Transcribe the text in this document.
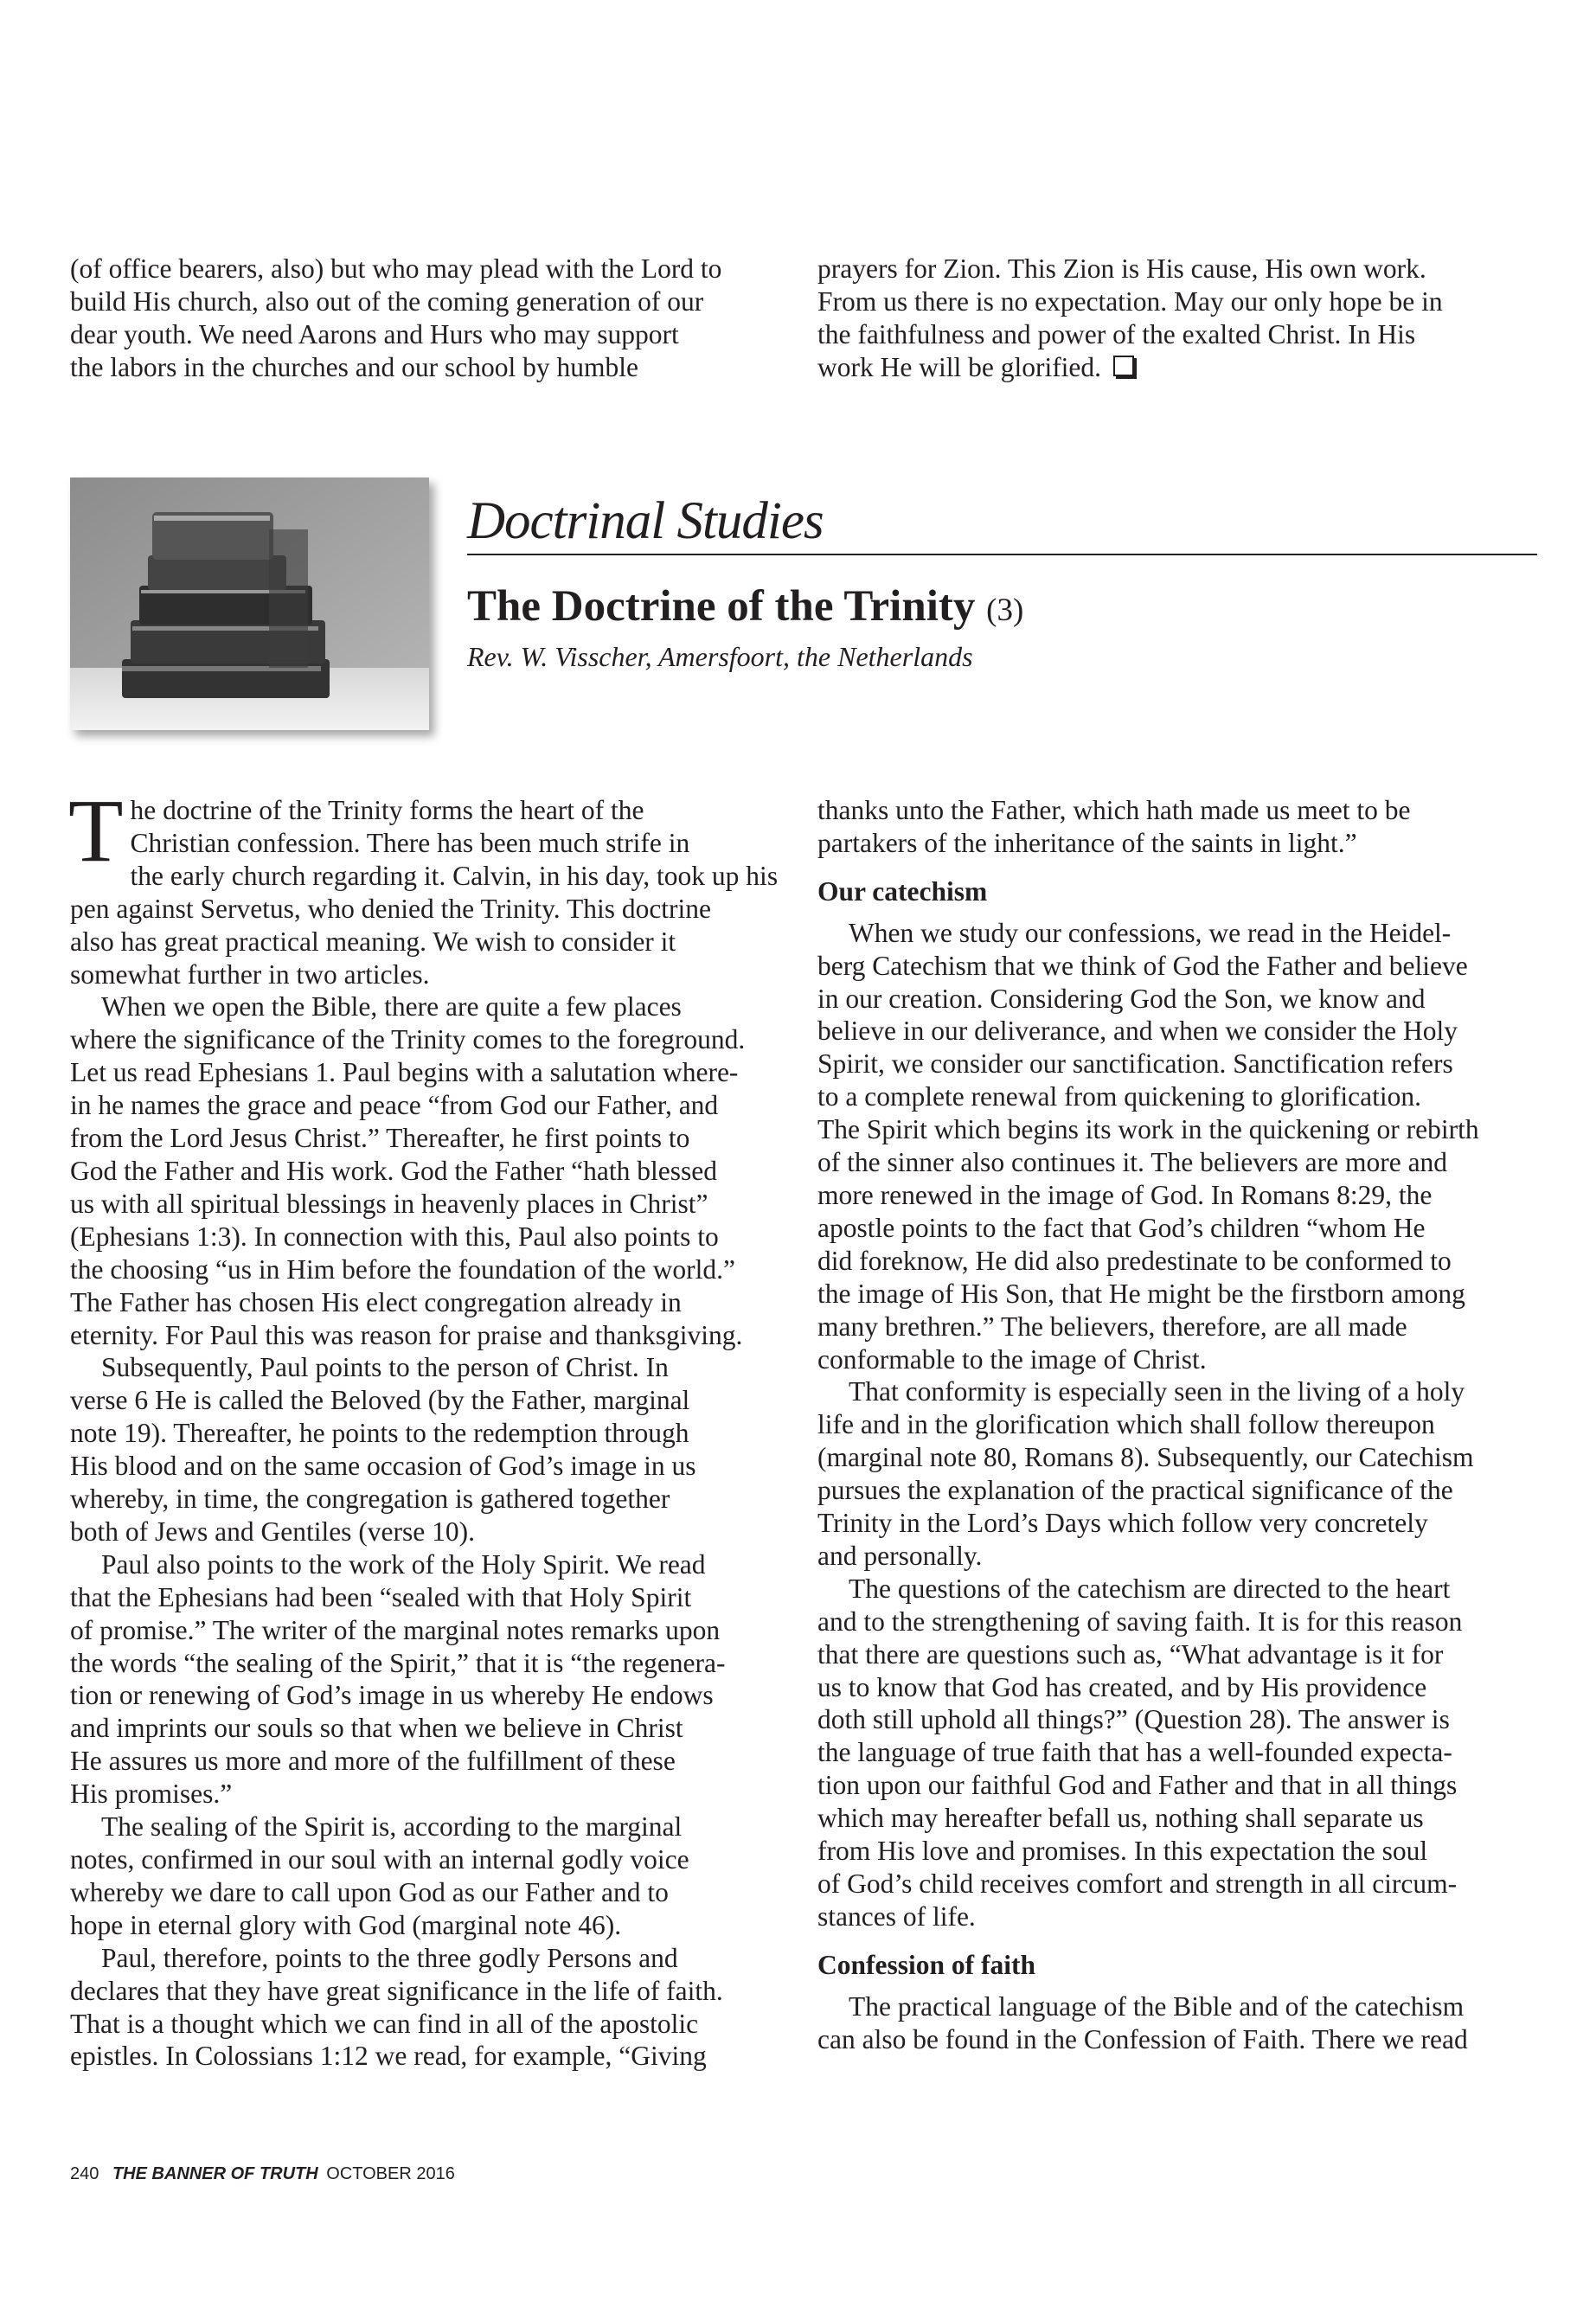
(of office bearers, also) but who may plead with the Lord to
build His church, also out of the coming generation of our
dear youth. We need Aarons and Hurs who may support
the labors in the churches and our school by humble
prayers for Zion. This Zion is His cause, His own work.
From us there is no expectation. May our only hope be in
the faithfulness and power of the exalted Christ. In His
work He will be glorified.
Doctrinal Studies
The Doctrine of the Trinity (3)
Rev. W. Visscher, Amersfoort, the Netherlands
T he doctrine of the Trinity forms the heart of the
Christian confession. There has been much strife in
the early church regarding it. Calvin, in his day, took up his
pen against Servetus, who denied the Trinity. This doctrine
also has great practical meaning. We wish to consider it
somewhat further in two articles.
When we open the Bible, there are quite a few places
where the significance of the Trinity comes to the foreground.
Let us read Ephesians 1. Paul begins with a salutation where-
in he names the grace and peace “from God our Father, and
from the Lord Jesus Christ.” Thereafter, he first points to
God the Father and His work. God the Father “hath blessed
us with all spiritual blessings in heavenly places in Christ”
(Ephesians 1:3). In connection with this, Paul also points to
the choosing “us in Him before the foundation of the world.”
The Father has chosen His elect congregation already in
eternity. For Paul this was reason for praise and thanksgiving.
Subsequently, Paul points to the person of Christ. In
verse 6 He is called the Beloved (by the Father, marginal
note 19). Thereafter, he points to the redemption through
His blood and on the same occasion of God’s image in us
whereby, in time, the congregation is gathered together
both of Jews and Gentiles (verse 10).
Paul also points to the work of the Holy Spirit. We read
that the Ephesians had been “sealed with that Holy Spirit
of promise.” The writer of the marginal notes remarks upon
the words “the sealing of the Spirit,” that it is “the regenera-
tion or renewing of God’s image in us whereby He endows
and imprints our souls so that when we believe in Christ
He assures us more and more of the fulfillment of these
His promises.”
The sealing of the Spirit is, according to the marginal
notes, confirmed in our soul with an internal godly voice
whereby we dare to call upon God as our Father and to
hope in eternal glory with God (marginal note 46).
Paul, therefore, points to the three godly Persons and
declares that they have great significance in the life of faith.
That is a thought which we can find in all of the apostolic
epistles. In Colossians 1:12 we read, for example, “Giving
thanks unto the Father, which hath made us meet to be
partakers of the inheritance of the saints in light.”
Our catechism
When we study our confessions, we read in the Heidel-
berg Catechism that we think of God the Father and believe
in our creation. Considering God the Son, we know and
believe in our deliverance, and when we consider the Holy
Spirit, we consider our sanctification. Sanctification refers
to a complete renewal from quickening to glorification.
The Spirit which begins its work in the quickening or rebirth
of the sinner also continues it. The believers are more and
more renewed in the image of God. In Romans 8:29, the
apostle points to the fact that God’s children “whom He
did foreknow, He did also predestinate to be conformed to
the image of His Son, that He might be the firstborn among
many brethren.” The believers, therefore, are all made
conformable to the image of Christ.
That conformity is especially seen in the living of a holy
life and in the glorification which shall follow thereupon
(marginal note 80, Romans 8). Subsequently, our Catechism
pursues the explanation of the practical significance of the
Trinity in the Lord’s Days which follow very concretely
and personally.
The questions of the catechism are directed to the heart
and to the strengthening of saving faith. It is for this reason
that there are questions such as, “What advantage is it for
us to know that God has created, and by His providence
doth still uphold all things?” (Question 28). The answer is
the language of true faith that has a well-founded expecta-
tion upon our faithful God and Father and that in all things
which may hereafter befall us, nothing shall separate us
from His love and promises. In this expectation the soul
of God’s child receives comfort and strength in all circum-
stances of life.
Confession of faith
The practical language of the Bible and of the catechism
can also be found in the Confession of Faith. There we read
240 THE BANNER OF TRUTH OCTOBER 2016
